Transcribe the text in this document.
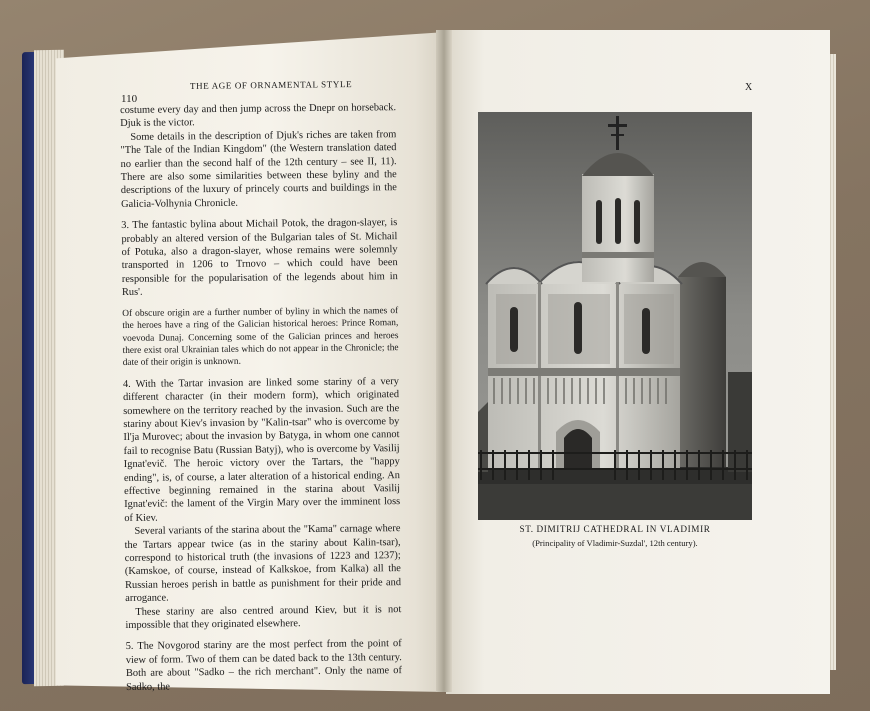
THE AGE OF ORNAMENTAL STYLE
110

costume every day and then jump across the Dnepr on horseback. Djuk is the victor.

Some details in the description of Djuk's riches are taken from "The Tale of the Indian Kingdom" (the Western translation dated no earlier than the second half of the 12th century – see II, 11). There are also some similarities between these byliny and the descriptions of the luxury of princely courts and buildings in the Galicia-Volhynia Chronicle.

3. The fantastic bylina about Michail Potok, the dragon-slayer, is probably an altered version of the Bulgarian tales of St. Michail of Potuka, also a dragon-slayer, whose remains were solemnly transported in 1206 to Trnovo – which could have been responsible for the popularisation of the legends about him in Rus'.

Of obscure origin are a further number of byliny in which the names of the heroes have a ring of the Galician historical heroes: Prince Roman, voevoda Dunaj. Concerning some of the Galician princes and heroes there exist oral Ukrainian tales which do not appear in the Chronicle; the date of their origin is unknown.

4. With the Tartar invasion are linked some stariny of a very different character (in their modern form), which originated somewhere on the territory reached by the invasion. Such are the stariny about Kiev's invasion by "Kalin-tsar" who is overcome by Il'ja Murovec; about the invasion by Batyga, in whom one cannot fail to recognise Batu (Russian Batyj), who is overcome by Vasilij Ignat'evič. The heroic victory over the Tartars, the "happy ending", is, of course, a later alteration of a historical ending. An effective beginning remained in the starina about Vasilij Ignat'evič: the lament of the Virgin Mary over the imminent loss of Kiev.

Several variants of the starina about the "Kama" carnage where the Tartars appear twice (as in the stariny about Kalin-tsar), correspond to historical truth (the invasions of 1223 and 1237); (Kamskoe, of course, instead of Kalkskoe, from Kalka) all the Russian heroes perish in battle as punishment for their pride and arrogance.

These stariny are also centred around Kiev, but it is not impossible that they originated elsewhere.

5. The Novgorod stariny are the most perfect from the point of view of form. Two of them can be dated back to the 13th century. Both are about "Sadko – the rich merchant". Only the name of Sadko, the

X
ST. DIMITRIJ CATHEDRAL IN VLADIMIR
(Principality of Vladimir-Suzdal', 12th century).
